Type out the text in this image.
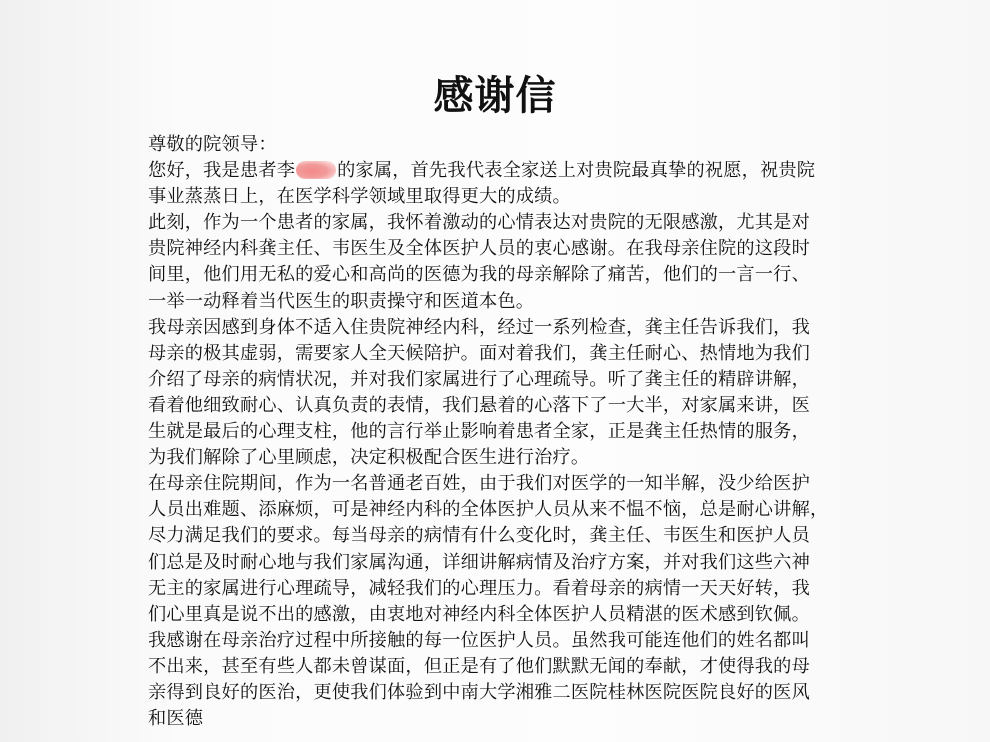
感谢信
尊敬的院领导：
您好，我是患者李 的家属，首先我代表全家送上对贵院最真挚的祝愿，祝贵院
事业蒸蒸日上，在医学科学领域里取得更大的成绩。
此刻，作为一个患者的家属，我怀着激动的心情表达对贵院的无限感激，尤其是对
贵院神经内科龚主任、韦医生及全体医护人员的衷心感谢。在我母亲住院的这段时
间里，他们用无私的爱心和高尚的医德为我的母亲解除了痛苦，他们的一言一行、
一举一动释着当代医生的职责操守和医道本色。
我母亲因感到身体不适入住贵院神经内科，经过一系列检查，龚主任告诉我们，我
母亲的极其虚弱，需要家人全天候陪护。面对着我们，龚主任耐心、热情地为我们
介绍了母亲的病情状况，并对我们家属进行了心理疏导。听了龚主任的精辟讲解，
看着他细致耐心、认真负责的表情，我们悬着的心落下了一大半，对家属来讲，医
生就是最后的心理支柱，他的言行举止影响着患者全家，正是龚主任热情的服务，
为我们解除了心里顾虑，决定积极配合医生进行治疗。
在母亲住院期间，作为一名普通老百姓，由于我们对医学的一知半解，没少给医护
人员出难题、添麻烦，可是神经内科的全体医护人员从来不愠不恼，总是耐心讲解，
尽力满足我们的要求。每当母亲的病情有什么变化时，龚主任、韦医生和医护人员
们总是及时耐心地与我们家属沟通，详细讲解病情及治疗方案，并对我们这些六神
无主的家属进行心理疏导，减轻我们的心理压力。看着母亲的病情一天天好转，我
们心里真是说不出的感激，由衷地对神经内科全体医护人员精湛的医术感到钦佩。
我感谢在母亲治疗过程中所接触的每一位医护人员。虽然我可能连他们的姓名都叫
不出来，甚至有些人都未曾谋面，但正是有了他们默默无闻的奉献，才使得我的母
亲得到良好的医治，更使我们体验到中南大学湘雅二医院桂林医院医院良好的医风
和医德
